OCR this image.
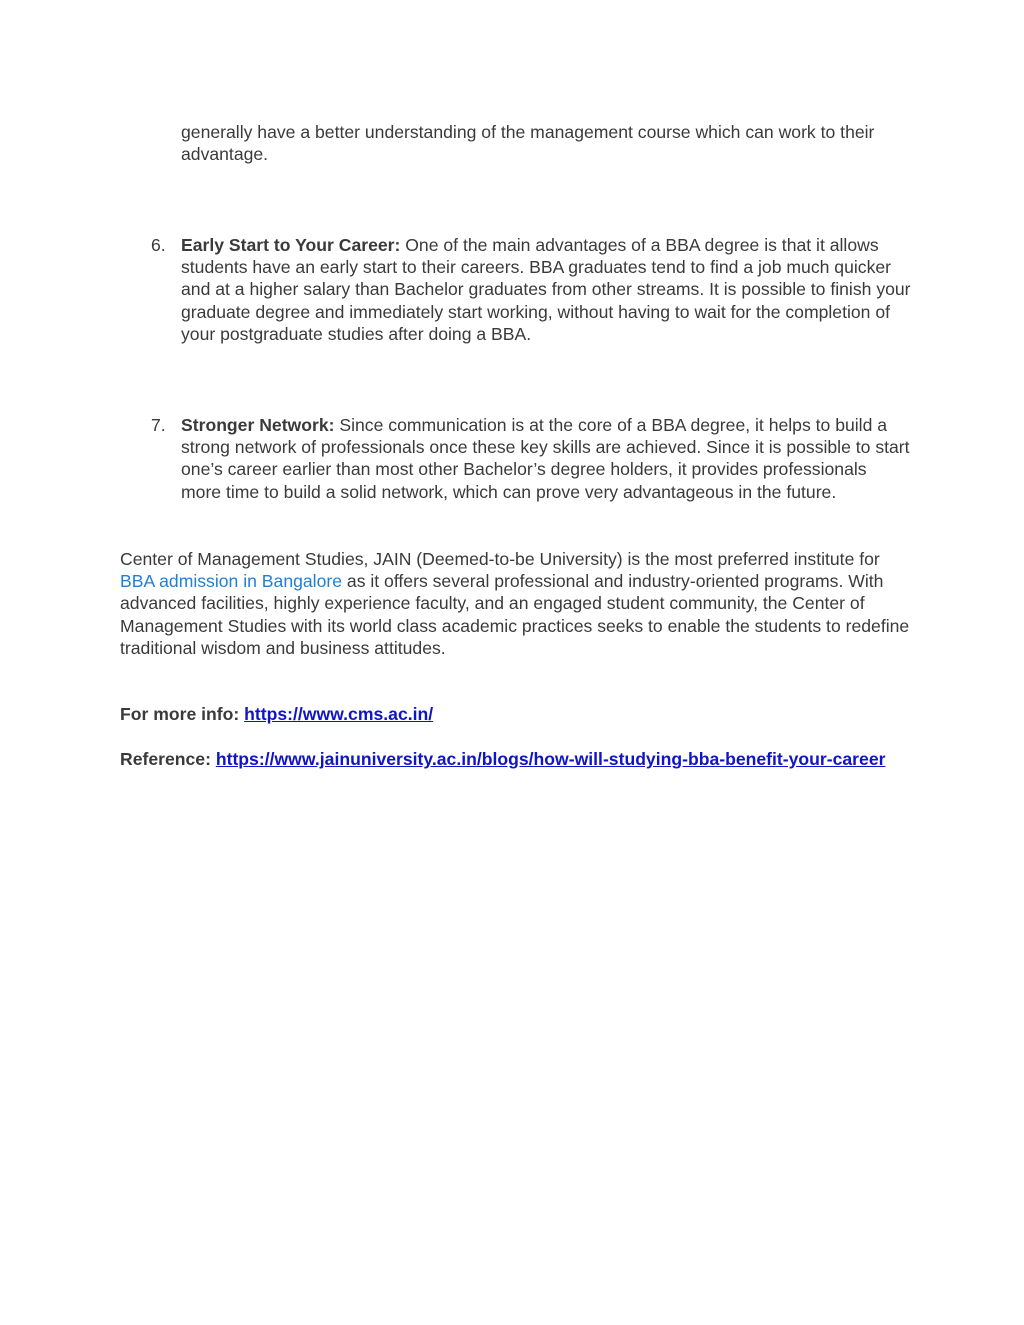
generally have a better understanding of the management course which can work to their advantage.
6. Early Start to Your Career: One of the main advantages of a BBA degree is that it allows students have an early start to their careers. BBA graduates tend to find a job much quicker and at a higher salary than Bachelor graduates from other streams. It is possible to finish your graduate degree and immediately start working, without having to wait for the completion of your postgraduate studies after doing a BBA.
7. Stronger Network: Since communication is at the core of a BBA degree, it helps to build a strong network of professionals once these key skills are achieved. Since it is possible to start one’s career earlier than most other Bachelor’s degree holders, it provides professionals more time to build a solid network, which can prove very advantageous in the future.
Center of Management Studies, JAIN (Deemed-to-be University) is the most preferred institute for BBA admission in Bangalore as it offers several professional and industry-oriented programs. With advanced facilities, highly experience faculty, and an engaged student community, the Center of Management Studies with its world class academic practices seeks to enable the students to redefine traditional wisdom and business attitudes.
For more info: https://www.cms.ac.in/
Reference: https://www.jainuniversity.ac.in/blogs/how-will-studying-bba-benefit-your-career
